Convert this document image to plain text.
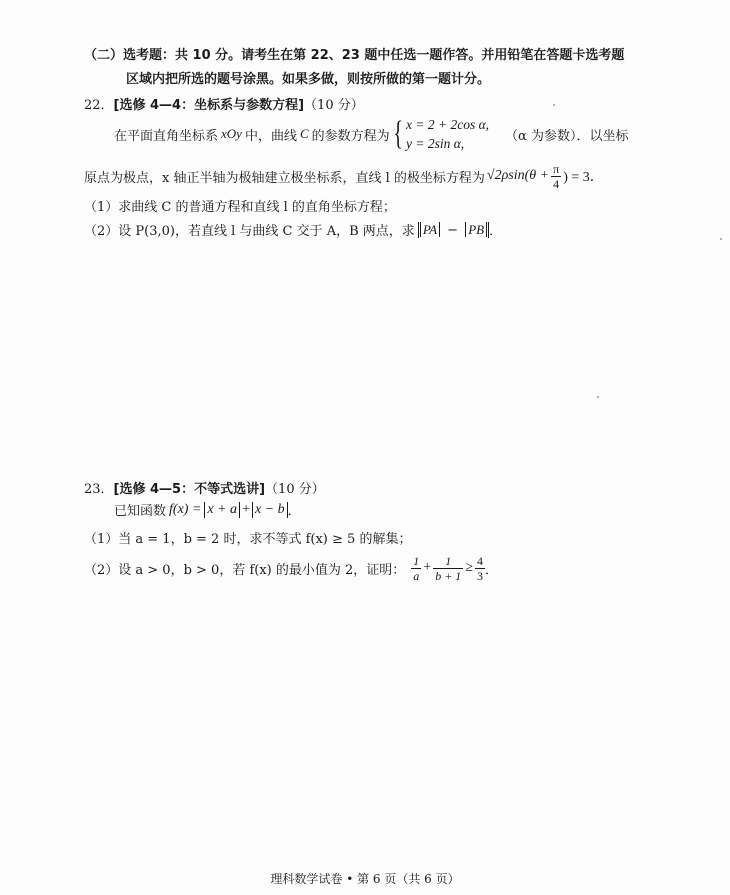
（二）选考题：共 10 分。请考生在第 22、23 题中任选一题作答。并用铅笔在答题卡选考题
区域内把所选的题号涂黑。如果多做，则按所做的第一题计分。
22．[选修 4—4：坐标系与参数方程]（10 分）
在平面直角坐标系 xOy 中，曲线 C 的参数方程为 { x = 2 + 2cos α,
y = 2sin α,	（α 为参数）．以坐标
原点为极点，x 轴正半轴为极轴建立极坐标系，直线 l 的极坐标方程为 $√2\rho\sin(\theta + \frac{\pi}{4}$ ) = 3．
（1）求曲线 C 的普通方程和直线 l 的直角坐标方程；
（2）设 P(3,0)，若直线 l 与曲线 C 交于 A，B 两点，求 PA − PB ．
23．[选修 4—5：不等式选讲]（10 分）
已知函数 f(x) = x + a + x − b ．
（1）当 a = 1，b = 2 时，求不等式 f(x) ≥ 5 的解集；
（2）设 a > 0，b > 0，若 f(x) 的最小值为 2，证明： $\frac{1}{a} + \frac{1}{b + 1} \ge \frac{4}{3}$ ．
理科数学试卷 • 第 6 页（共 6 页）
